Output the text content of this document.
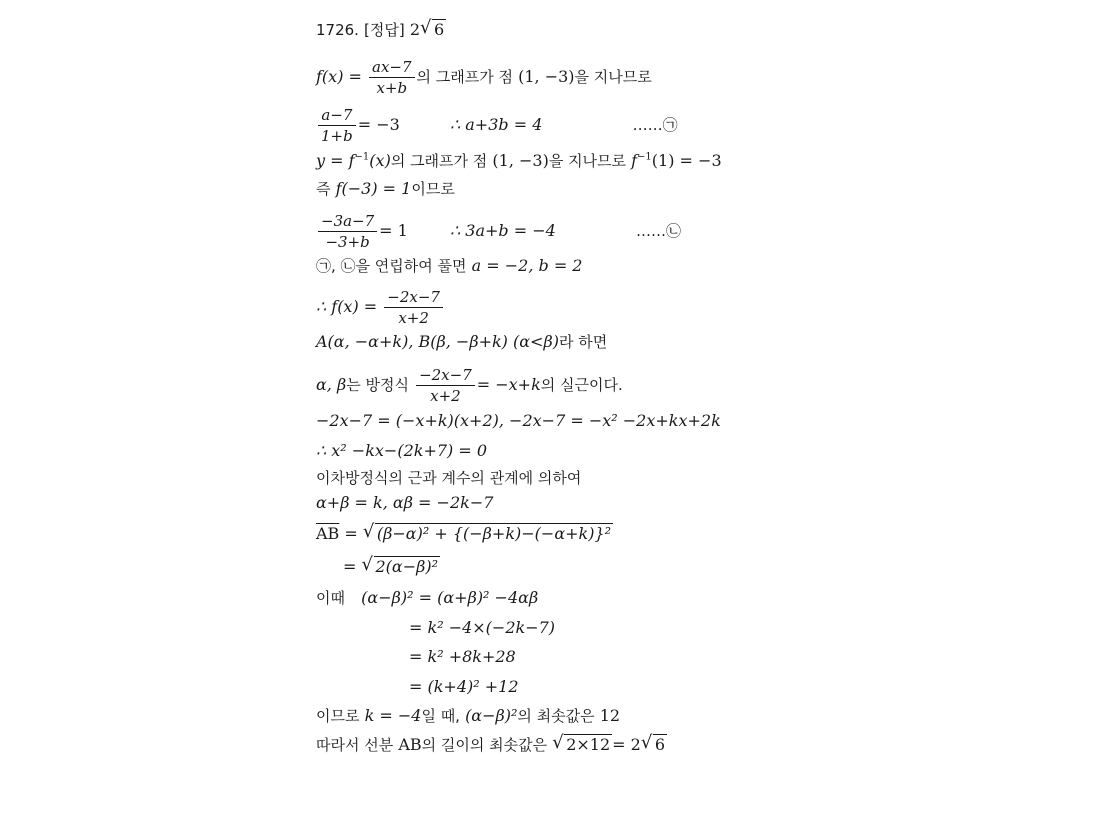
1726. [정답] 2 √ 6
$f(x) = \frac{ax-7}{x+b}$ 의 그래프가 점 (1, −3)을 지나므로
$\frac{a-7}{1+b} = -3$	∴ a+3b = 4	……㉠
$y = f^{-1}(x)$의 그래프가 점 (1, −3)을 지나므로 $f^{-1}(1) = -3$
즉 f(−3) = 1이므로
$\frac{-3a-7}{-3+b} = 1$	∴ 3a+b = −4	……㉡
㉠, ㉡을 연립하여 풀면 a = −2, b = 2
∴ $f(x) = \frac{-2x-7}{x+2}$
A(α, −α+k), B(β, −β+k) (α<β)라 하면
α, β는 방정식 $\frac{-2x-7}{x+2} = -x+k$의 실근이다.
−2x−7 = (−x+k)(x+2), −2x−7 = −x² −2x+kx+2k
∴ x² −kx−(2k+7) = 0
이차방정식의 근과 계수의 관계에 의하여
α+β = k, αβ = −2k−7
$\overline{AB}$ = √ (β−α)² + {(−β+k)−(−α+k)}²
= √ 2(α−β)²
이때 (α−β)² = (α+β)² −4αβ
= k² −4×(−2k−7)
= k² +8k+28
= (k+4)² +12
이므로 k = −4일 때, (α−β)²의 최솟값은 12
따라서 선분 AB의 길이의 최솟값은 √ 2×12 = 2 √ 6
